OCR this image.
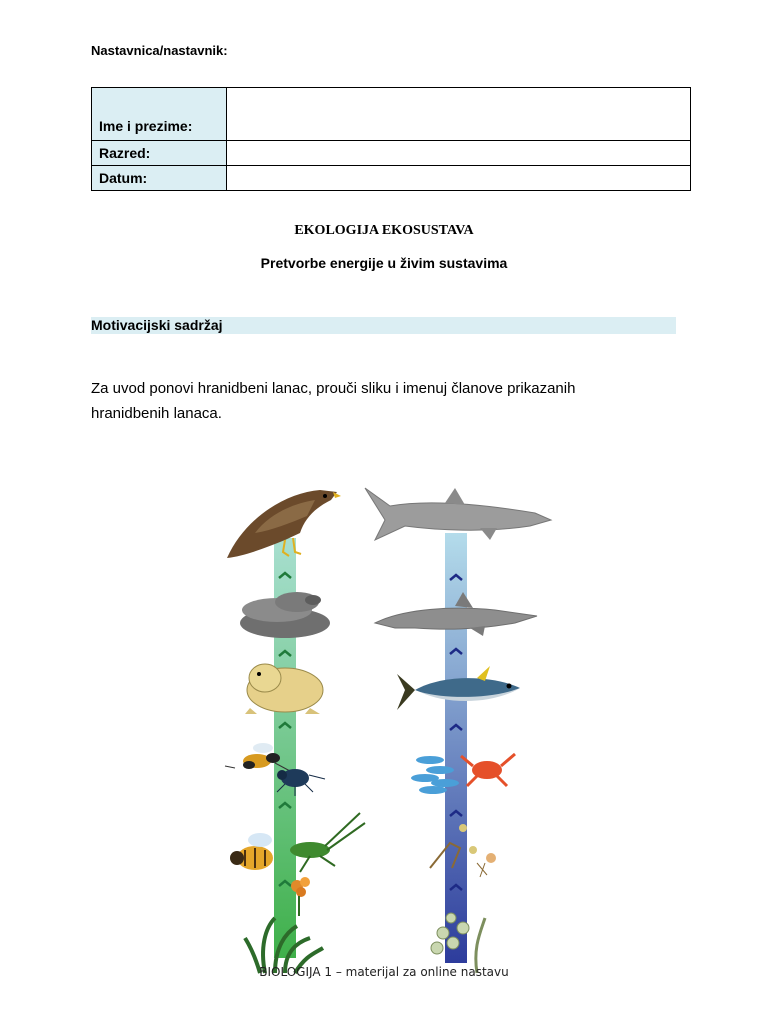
Nastavnica/nastavnik:
Ime i prezime:	
Razred:	
Datum:	
EKOLOGIJA EKOSUSTAVA
Pretvorbe energije u živim sustavima
Motivacijski sadržaj
Za uvod ponovi hranidbeni lanac, prouči sliku i imenuj članove prikazanih hranidbenih lanaca.
BIOLOGIJA 1 – materijal za online nastavu
